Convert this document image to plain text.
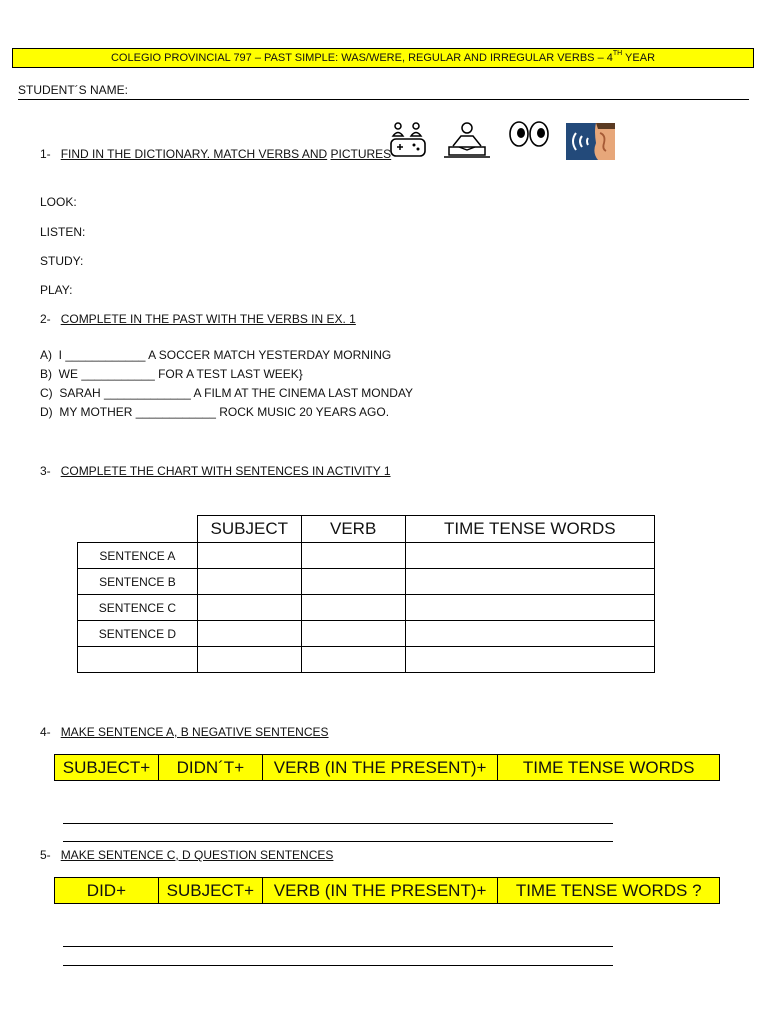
COLEGIO PROVINCIAL 797 – PAST SIMPLE: WAS/WERE, REGULAR AND IRREGULAR VERBS – 4TH YEAR
STUDENT´S NAME:
1- FIND IN THE DICTIONARY. MATCH VERBS AND PICTURES
LOOK:
LISTEN:
STUDY:
PLAY:
2- COMPLETE IN THE PAST WITH THE VERBS IN EX. 1
A) I ____________ A SOCCER MATCH YESTERDAY MORNING
B) WE ___________ FOR A TEST LAST WEEK}
C) SARAH _____________ A FILM AT THE CINEMA LAST MONDAY
D) MY MOTHER ____________ ROCK MUSIC 20 YEARS AGO.
3- COMPLETE THE CHART WITH SENTENCES IN ACTIVITY 1
	SUBJECT	VERB	TIME TENSE WORDS
SENTENCE A			
SENTENCE B			
SENTENCE C			
SENTENCE D			

4- MAKE SENTENCE A, B NEGATIVE SENTENCES
SUBJECT+	DIDN´T+	VERB (IN THE PRESENT)+	TIME TENSE WORDS
5- MAKE SENTENCE C, D QUESTION SENTENCES
DID+	SUBJECT+	VERB (IN THE PRESENT)+	TIME TENSE WORDS ?
